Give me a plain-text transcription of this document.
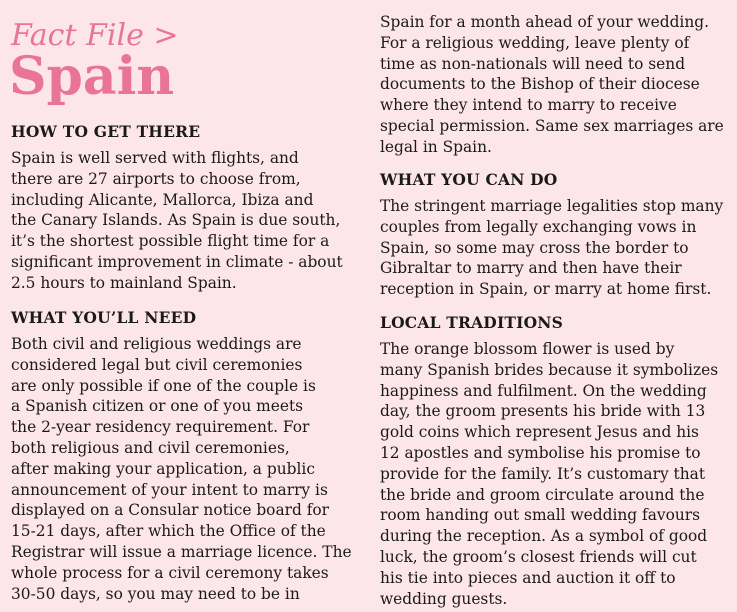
Fact File >
Spain
HOW TO GET THERE
Spain is well served with flights, and
there are 27 airports to choose from,
including Alicante, Mallorca, Ibiza and
the Canary Islands. As Spain is due south,
it’s the shortest possible flight time for a
significant improvement in climate - about
2.5 hours to mainland Spain.
WHAT YOU’LL NEED
Both civil and religious weddings are
considered legal but civil ceremonies
are only possible if one of the couple is
a Spanish citizen or one of you meets
the 2-year residency requirement. For
both religious and civil ceremonies,
after making your application, a public
announcement of your intent to marry is
displayed on a Consular notice board for
15-21 days, after which the Office of the
Registrar will issue a marriage licence. The
whole process for a civil ceremony takes
30-50 days, so you may need to be in
Spain for a month ahead of your wedding.
For a religious wedding, leave plenty of
time as non-nationals will need to send
documents to the Bishop of their diocese
where they intend to marry to receive
special permission. Same sex marriages are
legal in Spain.
WHAT YOU CAN DO
The stringent marriage legalities stop many
couples from legally exchanging vows in
Spain, so some may cross the border to
Gibraltar to marry and then have their
reception in Spain, or marry at home first.
LOCAL TRADITIONS
The orange blossom flower is used by
many Spanish brides because it symbolizes
happiness and fulfilment. On the wedding
day, the groom presents his bride with 13
gold coins which represent Jesus and his
12 apostles and symbolise his promise to
provide for the family. It’s customary that
the bride and groom circulate around the
room handing out small wedding favours
during the reception. As a symbol of good
luck, the groom’s closest friends will cut
his tie into pieces and auction it off to
wedding guests.
